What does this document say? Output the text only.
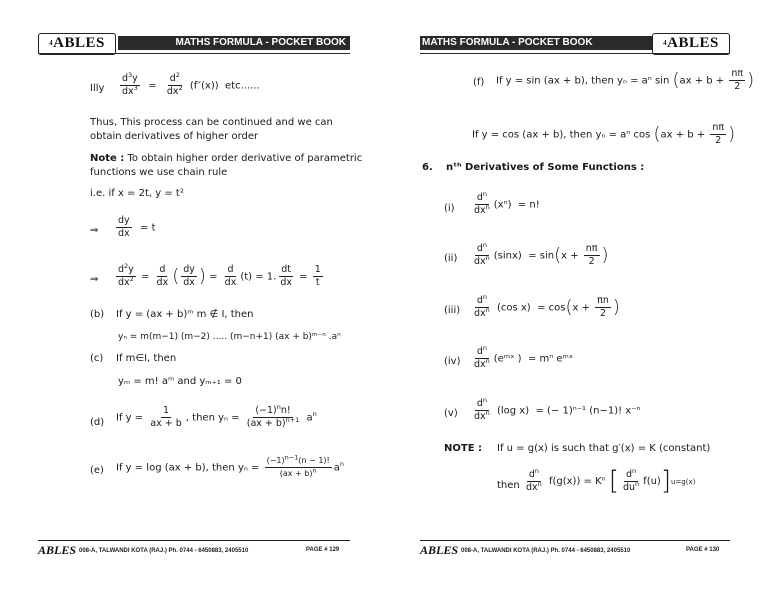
$^4$ABLES	MATHS FORMULA - POCKET BOOK
Illy $\frac{d^3y}{dx^3} = \frac{d^2}{dx^2} (f''(x))$  etc......
Thus, This process can be continued and we can
obtain derivatives of higher order
Note : To obtain higher order derivative of parametric
functions we use chain rule
i.e. if x = 2t, y = t²
⇒ $\frac{dy}{dx} = t$
⇒ $\frac{d^2y}{dx^2} = \frac{d}{dx}$ ( $\frac{dy}{dx}$ ) = $\frac{d}{dx} (t) = 1$. $\frac{dt}{dx} = \frac{1}{t}$
(b) If y = (ax + b)ᵐ m ∉ I, then
yₙ = m(m−1) (m−2) ..... (m−n+1) (ax + b)ᵐ⁻ⁿ .aⁿ
(c) If m∈I, then
yₘ = m! aᵐ and yₘ₊₁ = 0
(d) If $y = \frac{1}{ax + b}$ , then $y_n = \frac{(-1)^nn!}{(ax + b)^{n+1}} a^n$
(e) If y = log (ax + b), then $y_n = \frac{(-1)^{n-1}(n - 1)!}{(ax + b)^n} a^n$
ABLES 008-A, TALWANDI KOTA (RAJ.) Ph. 0744 - 6450883, 2405510	PAGE # 129
MATHS FORMULA - POCKET BOOK	$^4$ABLES
(f) If y = sin (ax + b), then yₙ = aⁿ $\sin (ax + b + \frac{n\pi}{2}$ )
If y = cos (ax + b), then yₙ = aⁿ $\cos (ax + b + \frac{n\pi}{2}$ )
6. nᵗʰ Derivatives of Some Functions :
$(i) \frac{d^n}{dx^n} (x^n) = n$!
$(ii) \frac{d^n}{dx^n} (\sin x) = \sin(x + \frac{n\pi}{2}$ )
$(iii) \frac{d^n}{dx^n} (\cos$ $x) = \cos(x + \frac{\pi n}{2}$ )
$(iv) \frac{d^n}{dx^n}$ (eᵐˣ ) = mⁿ eᵐˣ
$(v) \frac{d^n}{dx^n} (\log$ x) = (− 1)ⁿ⁻¹ (n−1)! x⁻ⁿ
NOTE : If u = g(x) is such that g′(x) = K (constant)
then $\frac{d^n}{dx^n} f(g(x)) = K^n$ [ $\frac{d^n}{du^n} f(u)]u=g(x)$
ABLES 008-A, TALWANDI KOTA (RAJ.) Ph. 0744 - 6450883, 2405510	PAGE # 130
